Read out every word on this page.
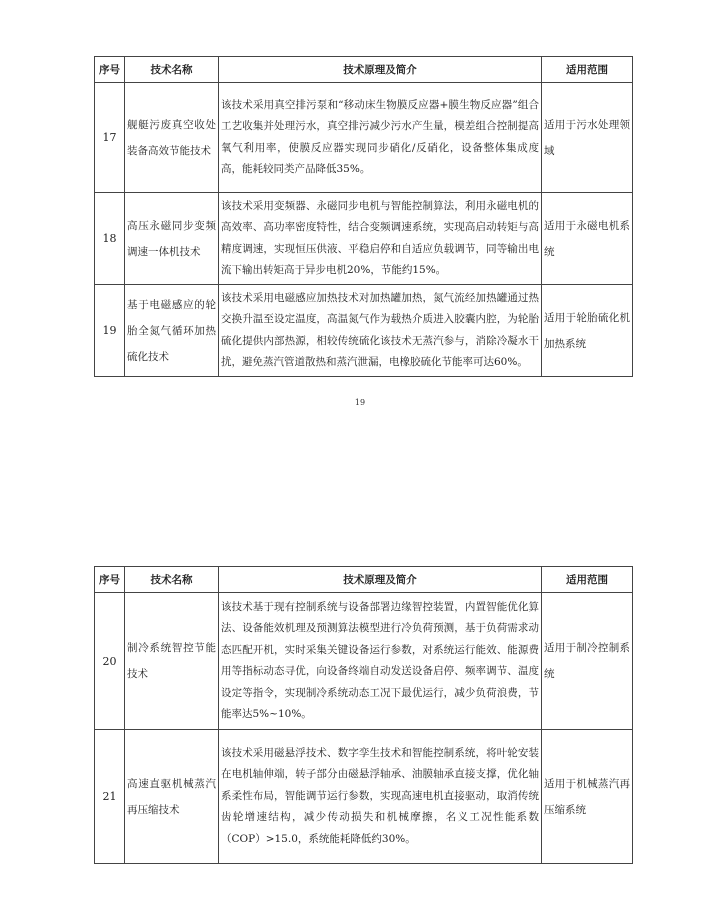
序号	技术名称	技术原理及简介	适用范围
17	舰艇污废真空收处装备高效节能技术	该技术采用真空排污泵和“移动床生物膜反应器+膜生物反应器”组合工艺收集并处理污水，真空排污减少污水产生量，模差组合控制提高氧气利用率，使膜反应器实现同步硝化/反硝化，设备整体集成度高，能耗较同类产品降低35%。	适用于污水处理领域
18	高压永磁同步变频调速一体机技术	该技术采用变频器、永磁同步电机与智能控制算法，利用永磁电机的高效率、高功率密度特性，结合变频调速系统，实现高启动转矩与高精度调速，实现恒压供液、平稳启停和自适应负载调节，同等输出电流下输出转矩高于异步电机20%，节能约15%。	适用于永磁电机系统
19	基于电磁感应的轮胎全氮气循环加热硫化技术	该技术采用电磁感应加热技术对加热罐加热，氮气流经加热罐通过热交换升温至设定温度，高温氮气作为载热介质进入胶囊内腔，为轮胎硫化提供内部热源，相较传统硫化该技术无蒸汽参与，消除冷凝水干扰，避免蒸汽管道散热和蒸汽泄漏，电橡胶硫化节能率可达60%。	适用于轮胎硫化机加热系统
19
序号	技术名称	技术原理及简介	适用范围
20	制冷系统智控节能技术	该技术基于现有控制系统与设备部署边缘智控装置，内置智能优化算法、设备能效机理及预测算法模型进行冷负荷预测，基于负荷需求动态匹配开机，实时采集关键设备运行参数，对系统运行能效、能源费用等指标动态寻优，向设备终端自动发送设备启停、频率调节、温度设定等指令，实现制冷系统动态工况下最优运行，减少负荷浪费，节能率达5%~10%。	适用于制冷控制系统
21	高速直驱机械蒸汽再压缩技术	该技术采用磁悬浮技术、数字孪生技术和智能控制系统，将叶轮安装在电机轴伸端，转子部分由磁悬浮轴承、油膜轴承直接支撑，优化轴系柔性布局，智能调节运行参数，实现高速电机直接驱动，取消传统齿轮增速结构，减少传动损失和机械摩擦，名义工况性能系数（COP）>15.0，系统能耗降低约30%。	适用于机械蒸汽再压缩系统
